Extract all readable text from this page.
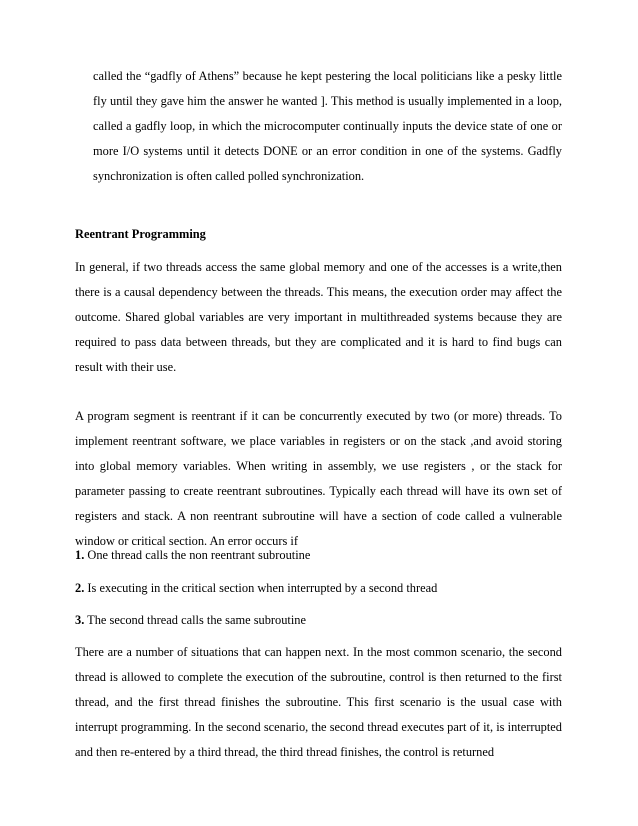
called the “gadfly of Athens” because he kept pestering the local politicians like a pesky little fly until they gave him the answer he wanted ]. This method is usually implemented in a loop, called a gadfly loop, in which the microcomputer continually inputs the device state of one or more I/O systems until it detects DONE or an error condition in one of the systems. Gadfly synchronization is often called polled synchronization.

Reentrant Programming

In general, if two threads access the same global memory and one of the accesses is a write,then there is a causal dependency between the threads. This means, the execution order may affect the outcome. Shared global variables are very important in multithreaded systems because they are required to pass data between threads, but they are complicated and it is hard to find bugs can result with their use.

A program segment is reentrant if it can be concurrently executed by two (or more) threads. To implement reentrant software, we place variables in registers or on the stack ,and avoid storing into global memory variables. When writing in assembly, we use registers , or the stack for parameter passing to create reentrant subroutines. Typically each thread will have its own set of registers and stack. A non reentrant subroutine will have a section of code called a vulnerable window or critical section. An error occurs if

1. One thread calls the non reentrant subroutine

2. Is executing in the critical section when interrupted by a second thread

3. The second thread calls the same subroutine

There are a number of situations that can happen next. In the most common scenario, the second thread is allowed to complete the execution of the subroutine, control is then returned to the first thread, and the first thread finishes the subroutine. This first scenario is the usual case with interrupt programming. In the second scenario, the second thread executes part of it, is interrupted and then re-entered by a third thread, the third thread finishes, the control is returned
